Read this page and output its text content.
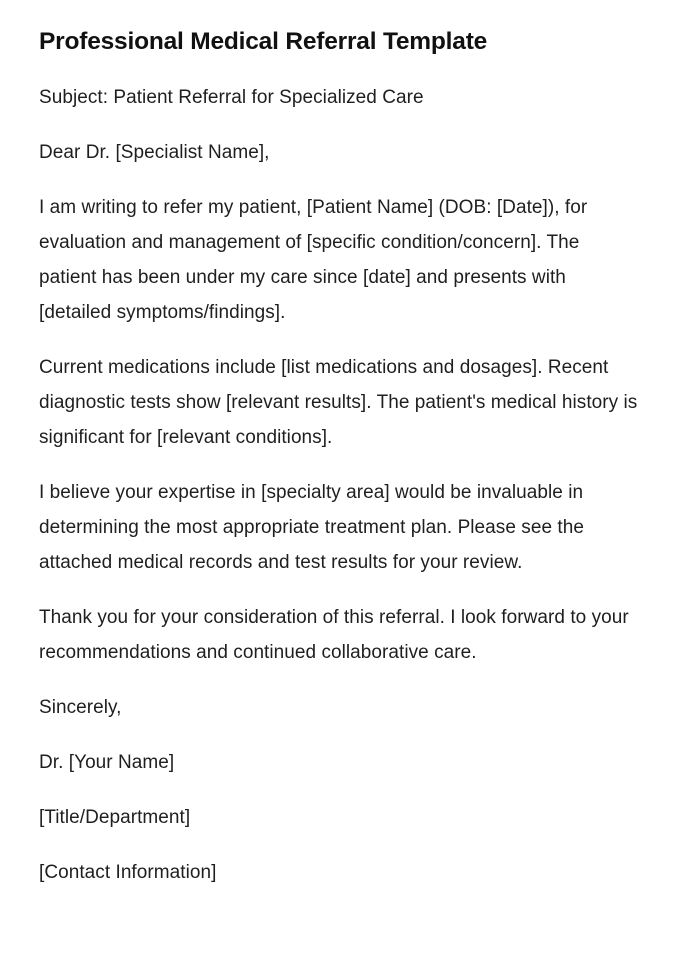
Professional Medical Referral Template

Subject: Patient Referral for Specialized Care

Dear Dr. [Specialist Name],

I am writing to refer my patient, [Patient Name] (DOB: [Date]), for evaluation and management of [specific condition/concern]. The patient has been under my care since [date] and presents with [detailed symptoms/findings].

Current medications include [list medications and dosages]. Recent diagnostic tests show [relevant results]. The patient's medical history is significant for [relevant conditions].

I believe your expertise in [specialty area] would be invaluable in determining the most appropriate treatment plan. Please see the attached medical records and test results for your review.

Thank you for your consideration of this referral. I look forward to your recommendations and continued collaborative care.

Sincerely,

Dr. [Your Name]

[Title/Department]

[Contact Information]
